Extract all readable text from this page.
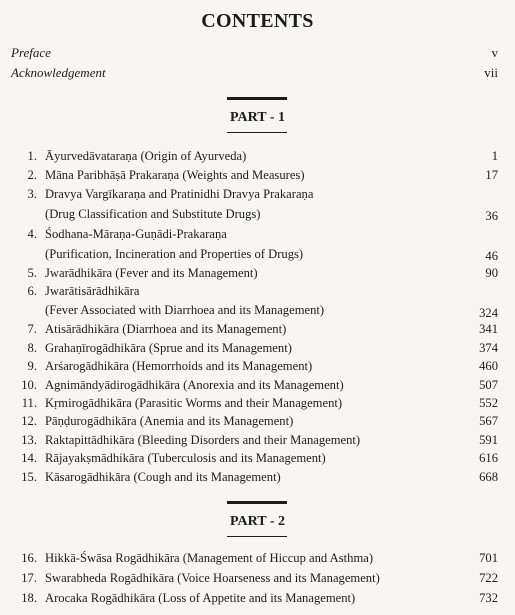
CONTENTS
Preface	v
Acknowledgement	vii
PART - 1
1. Āyurvedāvataraṇa (Origin of Ayurveda)	1
2. Māna Paribhāṣā Prakaraṇa (Weights and Measures)	17
3. Dravya Vargīkaraṇa and Pratinidhi Dravya Prakaraṇa
(Drug Classification and Substitute Drugs)	36
4. Śodhana-Māraṇa-Guṇādi-Prakaraṇa
(Purification, Incineration and Properties of Drugs)	46
5. Jwarādhikāra (Fever and its Management)	90
6. Jwarātisārādhikāra
(Fever Associated with Diarrhoea and its Management)	324
7. Atisārādhikāra (Diarrhoea and its Management)	341
8. Grahaṇīrogādhikāra (Sprue and its Management)	374
9. Arśarogādhikāra (Hemorrhoids and its Management)	460
10. Agnimāndyādirogādhikāra (Anorexia and its Management)	507
11. Kṛmirogādhikāra (Parasitic Worms and their Management)	552
12. Pāṇḍurogādhikāra (Anemia and its Management)	567
13. Raktapittādhikāra (Bleeding Disorders and their Management)	591
14. Rājayakṣmādhikāra (Tuberculosis and its Management)	616
15. Kāsarogādhikāra (Cough and its Management)	668
PART - 2
16. Hikkā-Śwāsa Rogādhikāra (Management of Hiccup and Asthma)	701
17. Swarabheda Rogādhikāra (Voice Hoarseness and its Management)	722
18. Arocaka Rogādhikāra (Loss of Appetite and its Management)	732
